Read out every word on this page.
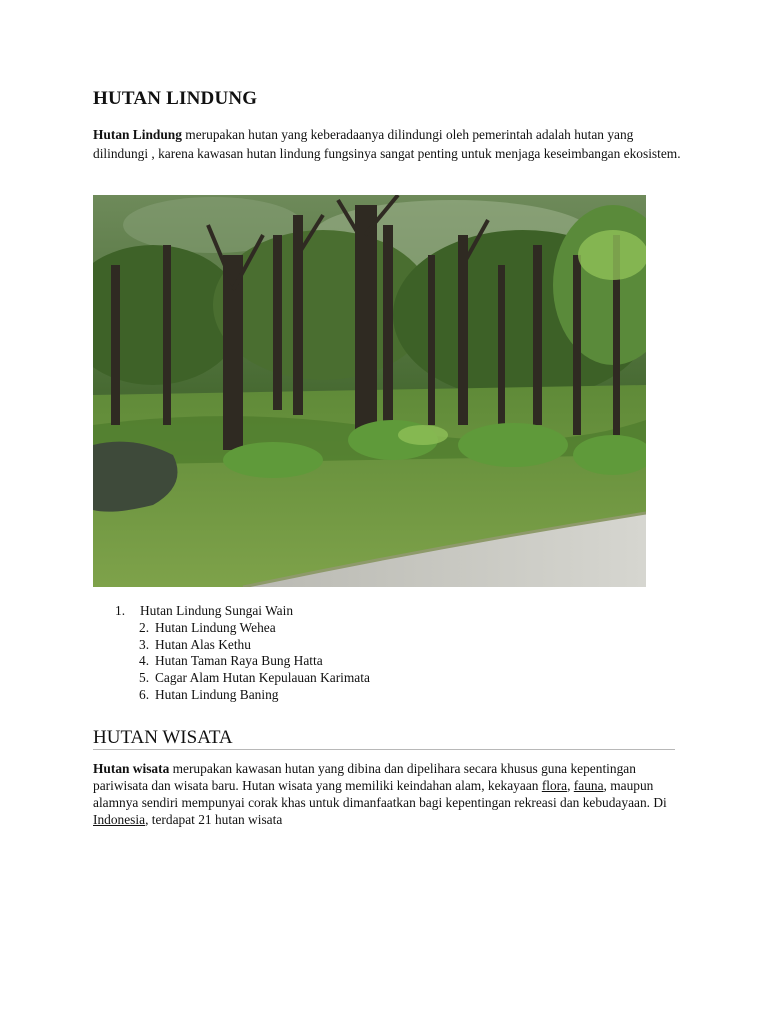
HUTAN LINDUNG

Hutan Lindung merupakan hutan yang keberadaanya dilindungi oleh pemerintah adalah hutan yang dilindungi , karena kawasan hutan lindung fungsinya sangat penting untuk menjaga keseimbangan ekosistem.

1. Hutan Lindung Sungai Wain
2. Hutan Lindung Wehea
3. Hutan Alas Kethu
4. Hutan Taman Raya Bung Hatta
5. Cagar Alam Hutan Kepulauan Karimata
6. Hutan Lindung Baning
HUTAN WISATA

Hutan wisata merupakan kawasan hutan yang dibina dan dipelihara secara khusus guna kepentingan pariwisata dan wisata baru. Hutan wisata yang memiliki keindahan alam, kekayaan flora, fauna, maupun alamnya sendiri mempunyai corak khas untuk dimanfaatkan bagi kepentingan rekreasi dan kebudayaan. Di Indonesia, terdapat 21 hutan wisata
